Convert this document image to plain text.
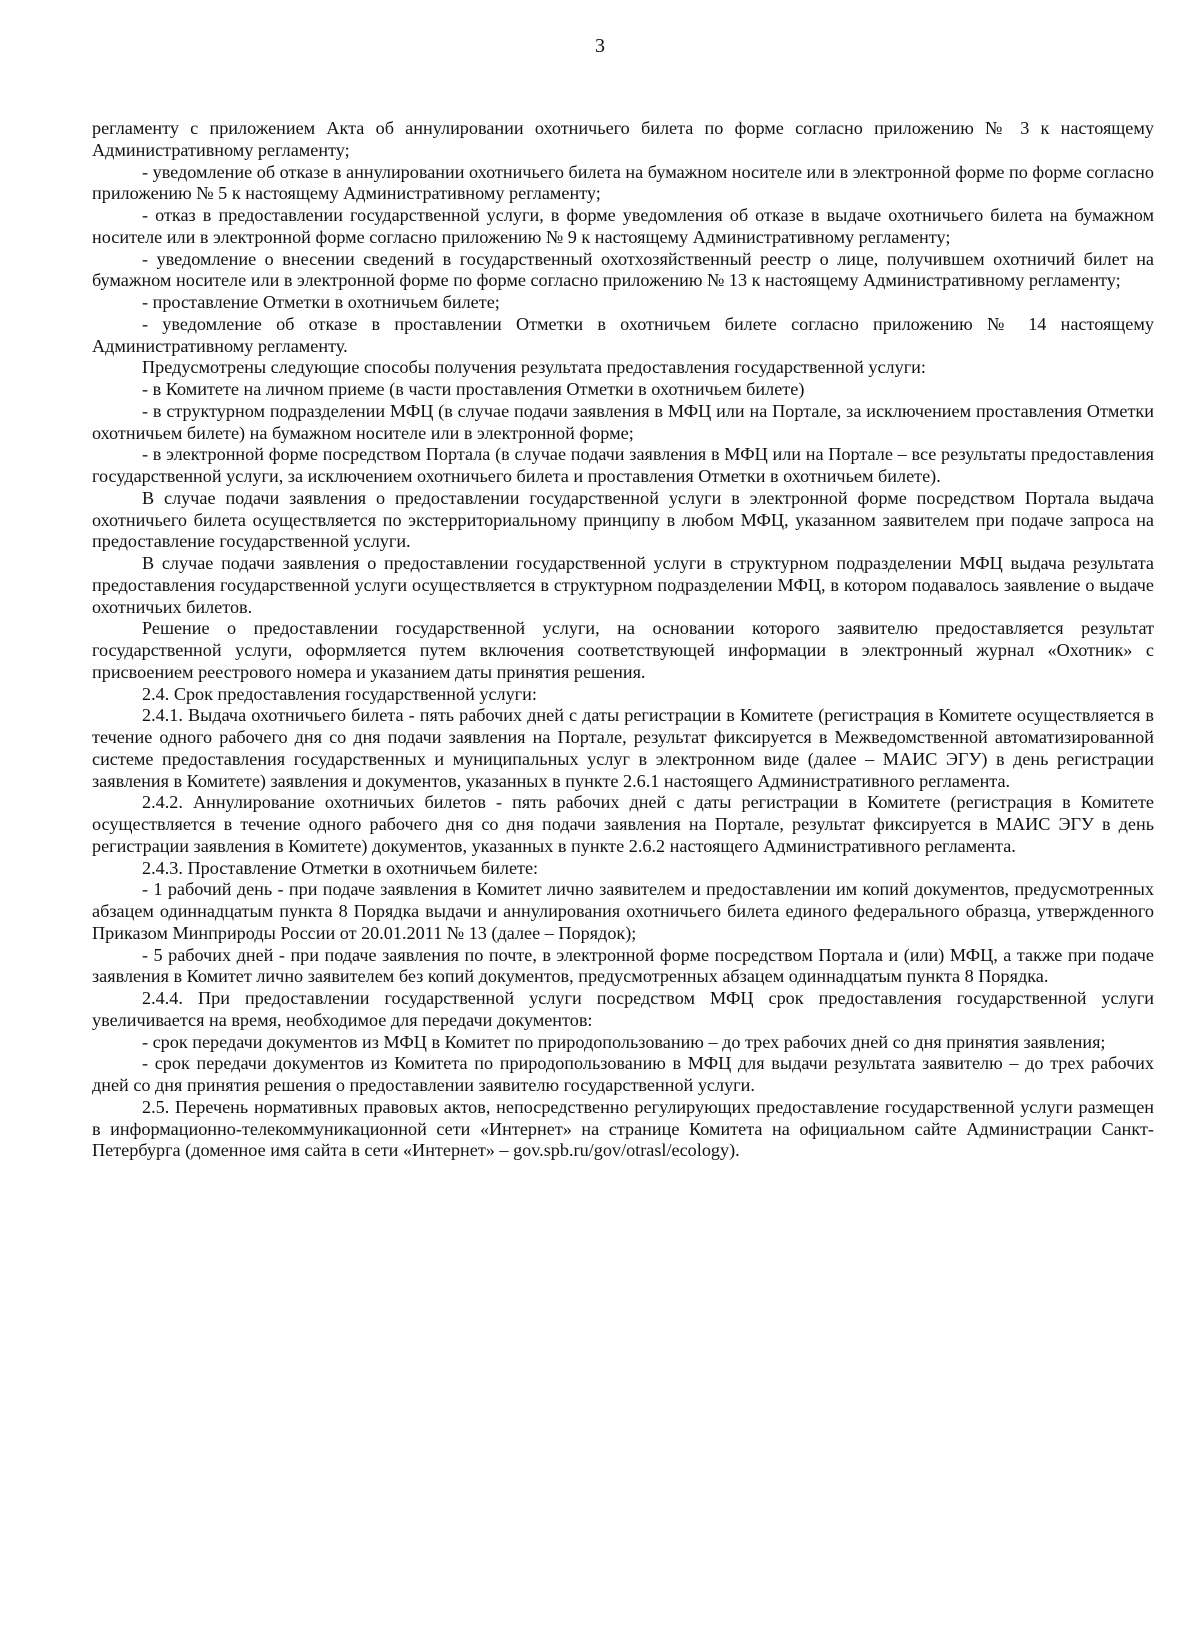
3

регламенту с приложением Акта об аннулировании охотничьего билета по форме согласно приложению № 3 к настоящему Административному регламенту;

- уведомление об отказе в аннулировании охотничьего билета на бумажном носителе или в электронной форме по форме согласно приложению № 5 к настоящему Административному регламенту;

- отказ в предоставлении государственной услуги, в форме уведомления об отказе в выдаче охотничьего билета на бумажном носителе или в электронной форме согласно приложению № 9 к настоящему Административному регламенту;

- уведомление о внесении сведений в государственный охотхозяйственный реестр о лице, получившем охотничий билет на бумажном носителе или в электронной форме по форме согласно приложению № 13 к настоящему Административному регламенту;

- проставление Отметки в охотничьем билете;

- уведомление об отказе в проставлении Отметки в охотничьем билете согласно приложению № 14 настоящему Административному регламенту.

Предусмотрены следующие способы получения результата предоставления государственной услуги:

- в Комитете на личном приеме (в части проставления Отметки в охотничьем билете)

- в структурном подразделении МФЦ (в случае подачи заявления в МФЦ или на Портале, за исключением проставления Отметки охотничьем билете) на бумажном носителе или в электронной форме;

- в электронной форме посредством Портала (в случае подачи заявления в МФЦ или на Портале – все результаты предоставления государственной услуги, за исключением охотничьего билета и проставления Отметки в охотничьем билете).

В случае подачи заявления о предоставлении государственной услуги в электронной форме посредством Портала выдача охотничьего билета осуществляется по экстерриториальному принципу в любом МФЦ, указанном заявителем при подаче запроса на предоставление государственной услуги.

В случае подачи заявления о предоставлении государственной услуги в структурном подразделении МФЦ выдача результата предоставления государственной услуги осуществляется в структурном подразделении МФЦ, в котором подавалось заявление о выдаче охотничьих билетов.

Решение о предоставлении государственной услуги, на основании которого заявителю предоставляется результат государственной услуги, оформляется путем включения соответствующей информации в электронный журнал «Охотник» с присвоением реестрового номера и указанием даты принятия решения.

2.4. Срок предоставления государственной услуги:

2.4.1. Выдача охотничьего билета - пять рабочих дней с даты регистрации в Комитете (регистрация в Комитете осуществляется в течение одного рабочего дня со дня подачи заявления на Портале, результат фиксируется в Межведомственной автоматизированной системе предоставления государственных и муниципальных услуг в электронном виде (далее – МАИС ЭГУ) в день регистрации заявления в Комитете) заявления и документов, указанных в пункте 2.6.1 настоящего Административного регламента.

2.4.2. Аннулирование охотничьих билетов - пять рабочих дней с даты регистрации в Комитете (регистрация в Комитете осуществляется в течение одного рабочего дня со дня подачи заявления на Портале, результат фиксируется в МАИС ЭГУ в день регистрации заявления в Комитете) документов, указанных в пункте 2.6.2 настоящего Административного регламента.

2.4.3. Проставление Отметки в охотничьем билете:

- 1 рабочий день - при подаче заявления в Комитет лично заявителем и предоставлении им копий документов, предусмотренных абзацем одиннадцатым пункта 8 Порядка выдачи и аннулирования охотничьего билета единого федерального образца, утвержденного Приказом Минприроды России от 20.01.2011 № 13 (далее – Порядок);

- 5 рабочих дней - при подаче заявления по почте, в электронной форме посредством Портала и (или) МФЦ, а также при подаче заявления в Комитет лично заявителем без копий документов, предусмотренных абзацем одиннадцатым пункта 8 Порядка.

2.4.4. При предоставлении государственной услуги посредством МФЦ срок предоставления государственной услуги увеличивается на время, необходимое для передачи документов:

- срок передачи документов из МФЦ в Комитет по природопользованию – до трех рабочих дней со дня принятия заявления;

- срок передачи документов из Комитета по природопользованию в МФЦ для выдачи результата заявителю – до трех рабочих дней со дня принятия решения о предоставлении заявителю государственной услуги.

2.5. Перечень нормативных правовых актов, непосредственно регулирующих предоставление государственной услуги размещен в информационно-телекоммуникационной сети «Интернет» на странице Комитета на официальном сайте Администрации Санкт-Петербурга (доменное имя сайта в сети «Интернет» – gov.spb.ru/gov/otrasl/ecology).
